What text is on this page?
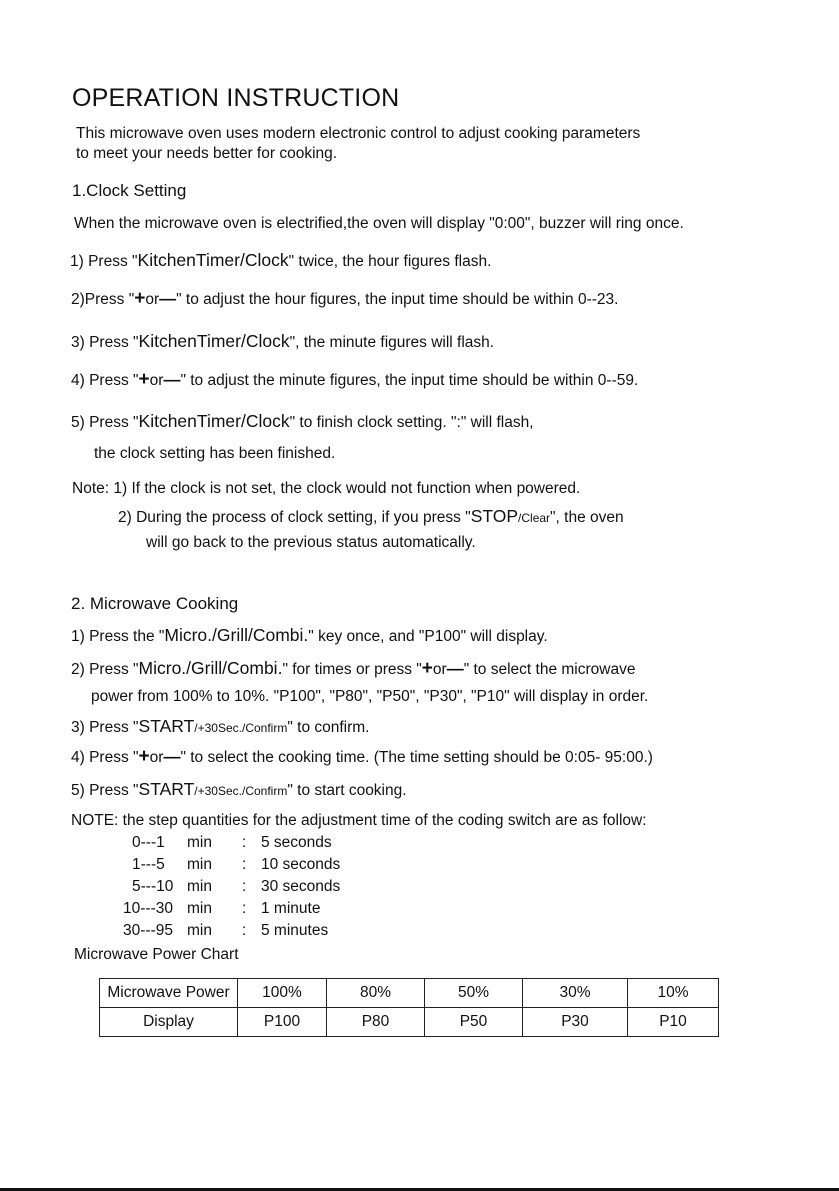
OPERATION INSTRUCTION
This microwave oven uses modern electronic control to adjust cooking parameters
to meet your needs better for cooking.
1.Clock Setting
When the microwave oven is electrified,the oven will display "0:00", buzzer will ring once.
1) Press "KitchenTimer/Clock" twice, the hour figures flash.
2)Press "+or—" to adjust the hour figures, the input time should be within 0--23.
3) Press "KitchenTimer/Clock", the minute figures will flash.
4) Press "+or—" to adjust the minute figures, the input time should be within 0--59.
5) Press "KitchenTimer/Clock" to finish clock setting. ":" will flash,
the clock setting has been finished.
Note: 1) If the clock is not set, the clock would not function when powered.
2) During the process of clock setting, if you press "STOP/Clear", the oven
will go back to the previous status automatically.
2. Microwave Cooking
1) Press the "Micro./Grill/Combi." key once, and "P100" will display.
2) Press "Micro./Grill/Combi." for times or press "+or—" to select the microwave
power from 100% to 10%. "P100", "P80", "P50", "P30", "P10" will display in order.
3) Press "START/+30Sec./Confirm" to confirm.
4) Press "+or—" to select the cooking time. (The time setting should be 0:05- 95:00.)
5) Press "START/+30Sec./Confirm" to start cooking.
NOTE: the step quantities for the adjustment time of the coding switch are as follow:
0---1 min : 5 seconds
1---5 min : 10 seconds
5---10 min : 30 seconds
10---30 min : 1 minute
30---95 min : 5 minutes
Microwave Power Chart
Microwave Power	100%	80%	50%	30%	10%
Display	P100	P80	P50	P30	P10
